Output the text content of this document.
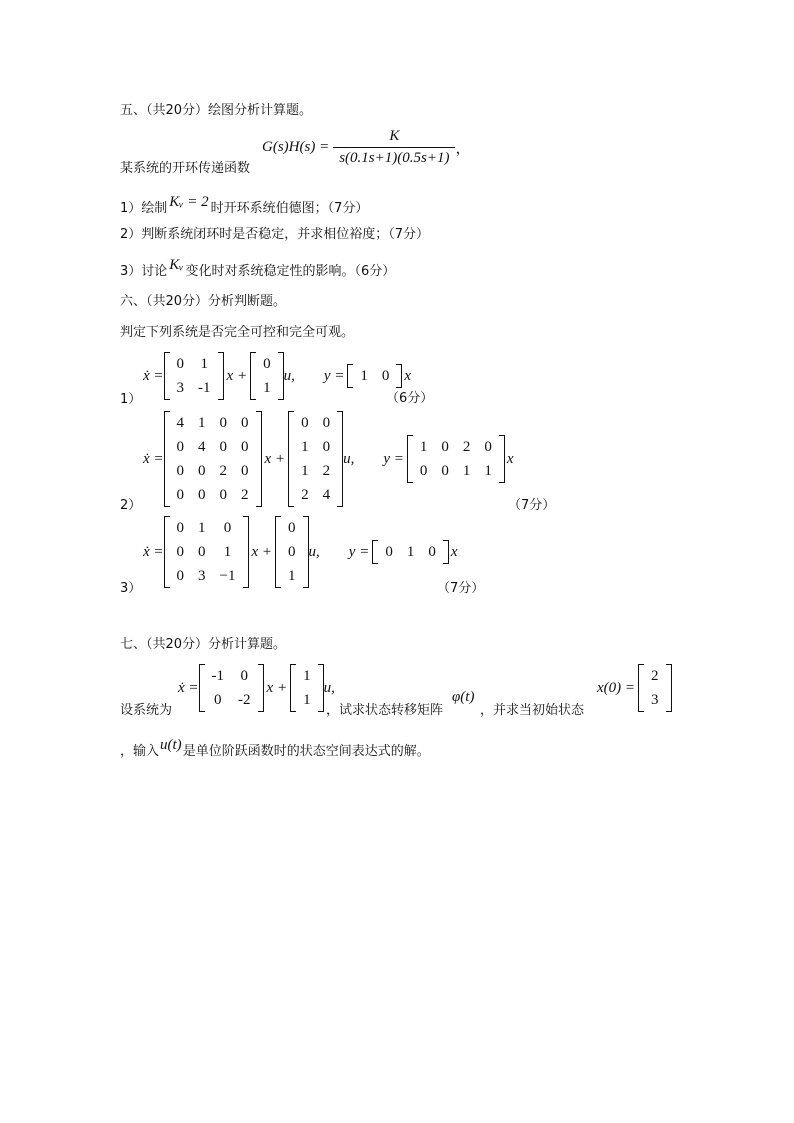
五、（共20分）绘图分析计算题。
$G(s)H(s) = \frac{K}{s(0.1s+1)(0.5s+1)}$ ，
某系统的开环传递函数
1）绘制 Kᵥ = 2 时开环系统伯德图；（7分）
2）判断系统闭环时是否稳定，并求相位裕度；（7分）
3）讨论 Kᵥ 变化时对系统稳定性的影响。（6分）
六、（共20分）分析判断题。
判定下列系统是否完全可控和完全可观。
ẋ =
0	1
3	-1
x +
0
1
u, y = 1	0 x
1）	（6分）
ẋ =
4	1	0	0
0	4	0	0
0	0	2	0
0	0	0	2
x +
0	0
1	0
1	2
2	4
u, y =
1	0	2	0
0	0	1	1
x
2）	（7分）
ẋ =
0	1	0
0	0	1
0	3	−1
x +
0
0
1
u, y = 0	1	0 x
3）	（7分）
七、（共20分）分析计算题。
ẋ =
-1	0
0	-2
x +
1
1
u,
设系统为	，试求状态转移矩阵
φ(t)
，并求当初始状态
x(0) =
2
3
，输入 u(t) 是单位阶跃函数时的状态空间表达式的解。
